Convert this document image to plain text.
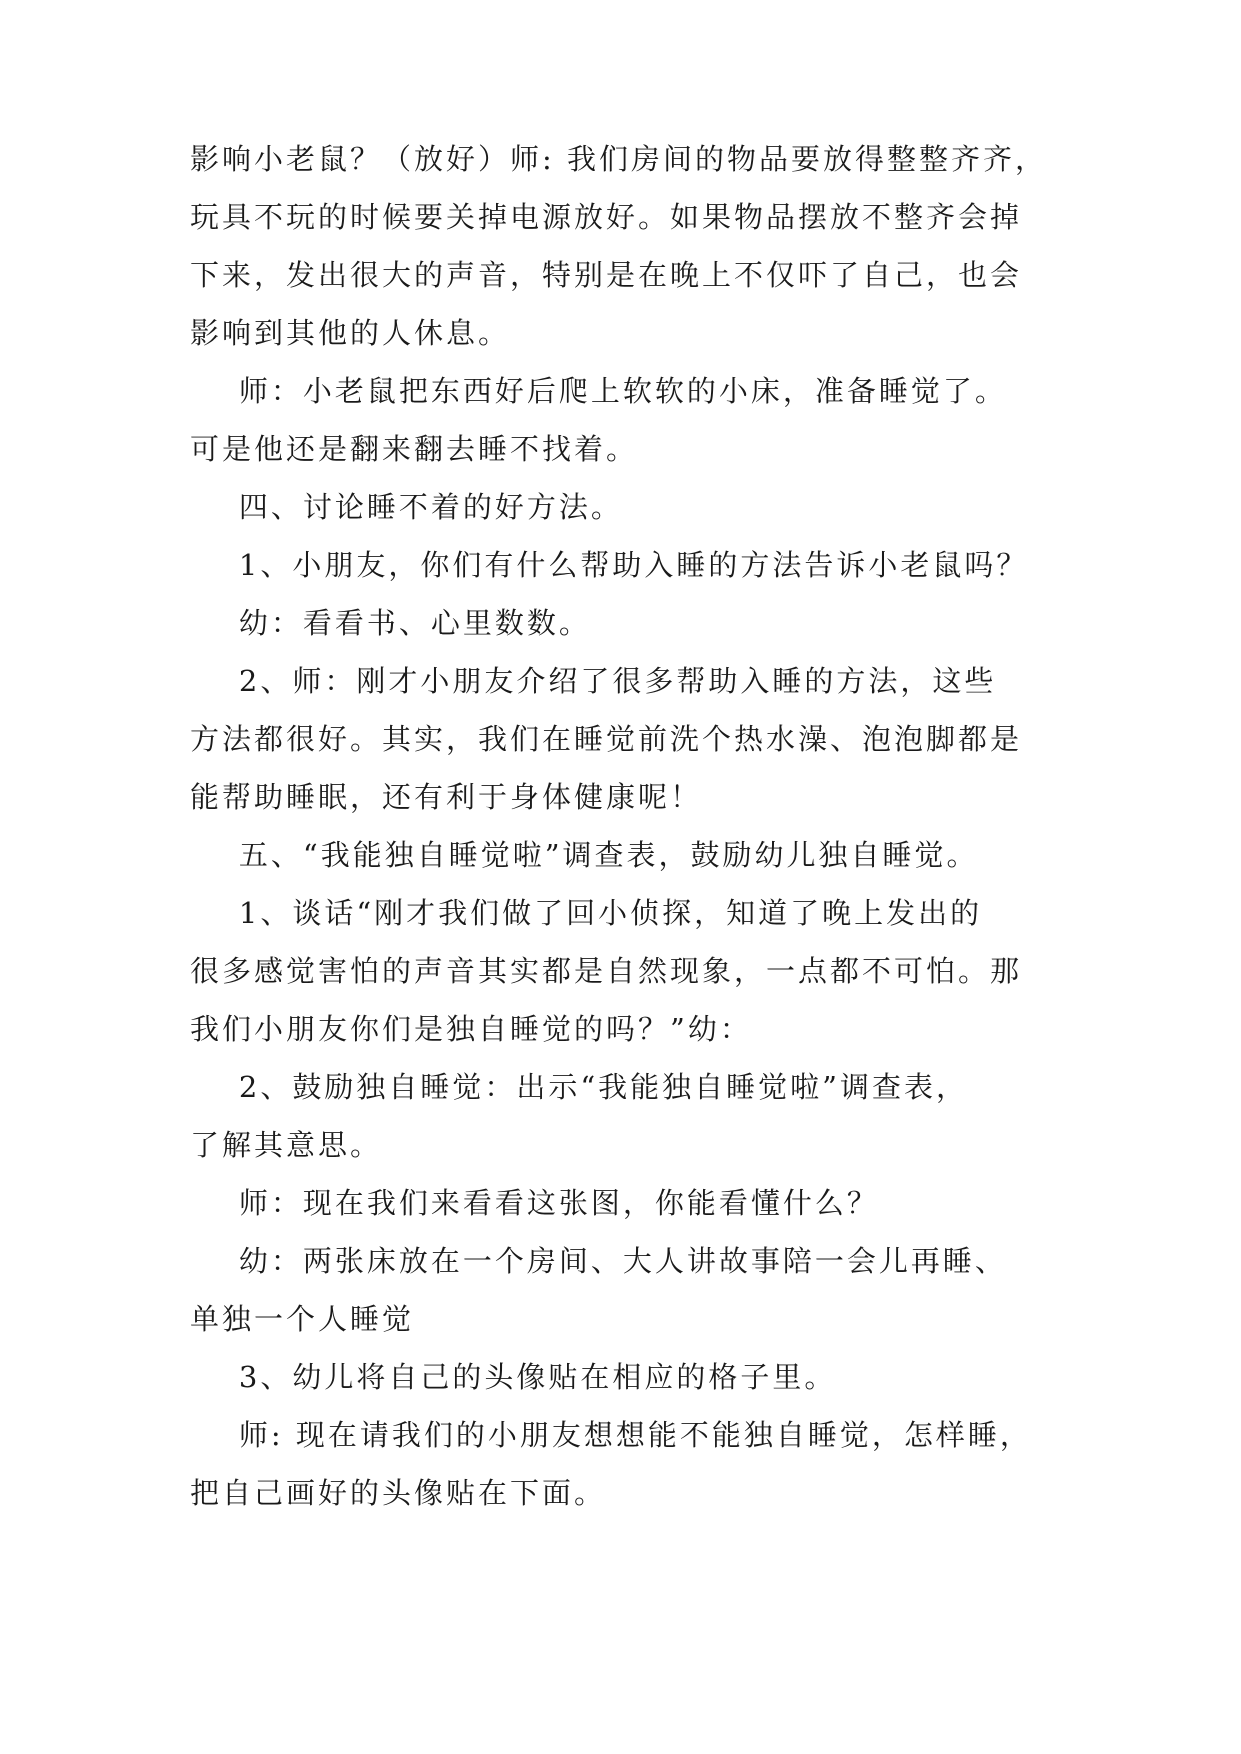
影响小老鼠？（放好）师: 我们房间的物品要放得整整齐齐，

玩具不玩的时候要关掉电源放好。如果物品摆放不整齐会掉

下来，发出很大的声音，特别是在晚上不仅吓了自己，也会

影响到其他的人休息。

师：小老鼠把东西好后爬上软软的小床，准备睡觉了。

可是他还是翻来翻去睡不找着。

四、讨论睡不着的好方法。

1、小朋友，你们有什么帮助入睡的方法告诉小老鼠吗？

幼：看看书、心里数数。

2、师：刚才小朋友介绍了很多帮助入睡的方法，这些

方法都很好。其实，我们在睡觉前洗个热水澡、泡泡脚都是

能帮助睡眠，还有利于身体健康呢！

五、“我能独自睡觉啦”调查表，鼓励幼儿独自睡觉。

1、谈话“刚才我们做了回小侦探，知道了晚上发出的

很多感觉害怕的声音其实都是自然现象，一点都不可怕。那

我们小朋友你们是独自睡觉的吗？”幼：

2、鼓励独自睡觉：出示“我能独自睡觉啦”调查表，

了解其意思。

师：现在我们来看看这张图，你能看懂什么？

幼：两张床放在一个房间、大人讲故事陪一会儿再睡、

单独一个人睡觉

3、幼儿将自己的头像贴在相应的格子里。

师: 现在请我们的小朋友想想能不能独自睡觉，怎样睡，

把自己画好的头像贴在下面。
